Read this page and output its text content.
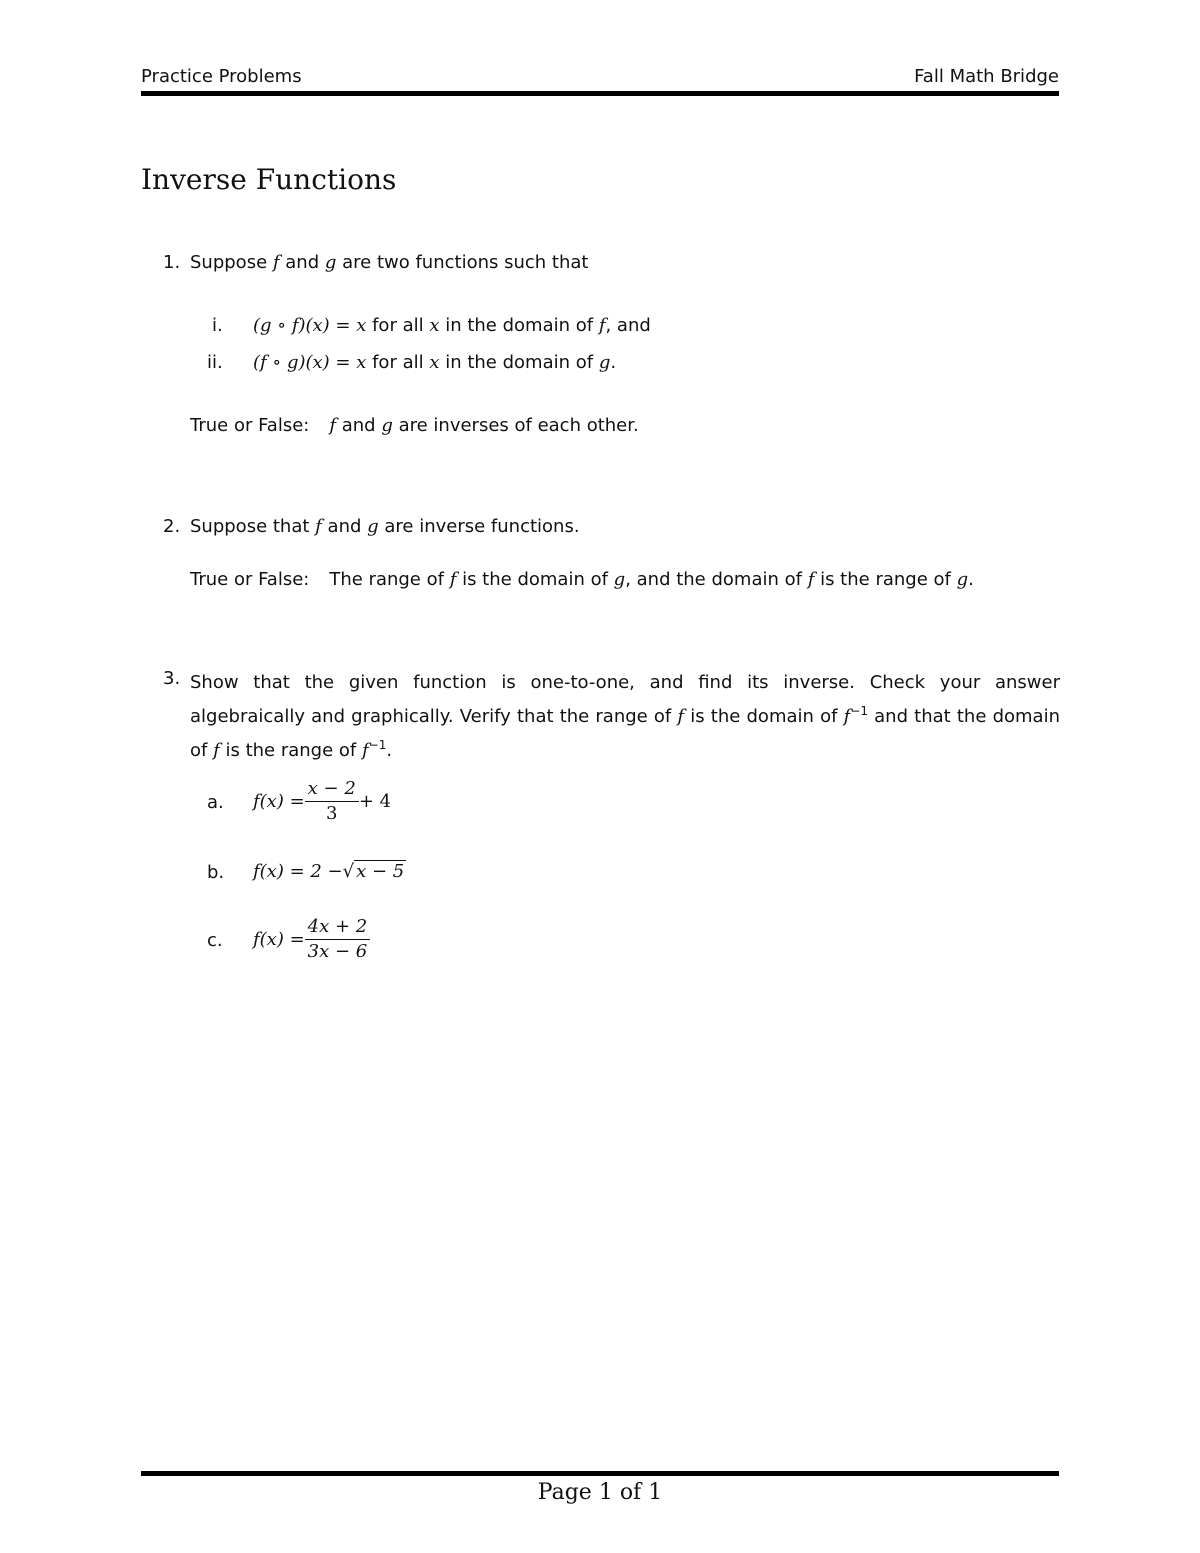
Practice Problems	Fall Math Bridge
Inverse Functions
1. Suppose f and g are two functions such that
i. (g ∘ f)(x) = x for all x in the domain of f, and
ii. (f ∘ g)(x) = x for all x in the domain of g.
True or False: f and g are inverses of each other.
2. Suppose that f and g are inverse functions.
True or False: The range of f is the domain of g, and the domain of f is the range of g.
3. Show that the given function is one-to-one, and find its inverse. Check your answer algebraically and graphically. Verify that the range of f is the domain of $f^{-1}$ and that the domain of f is the range of $f^{-1}$.
a. $f(x) = \frac{x - 2}{3} + 4$
b. f(x) = 2 − √ x − 5
c. $f(x) = \frac{4x + 2}{3x - 6}$
Page 1 of 1
